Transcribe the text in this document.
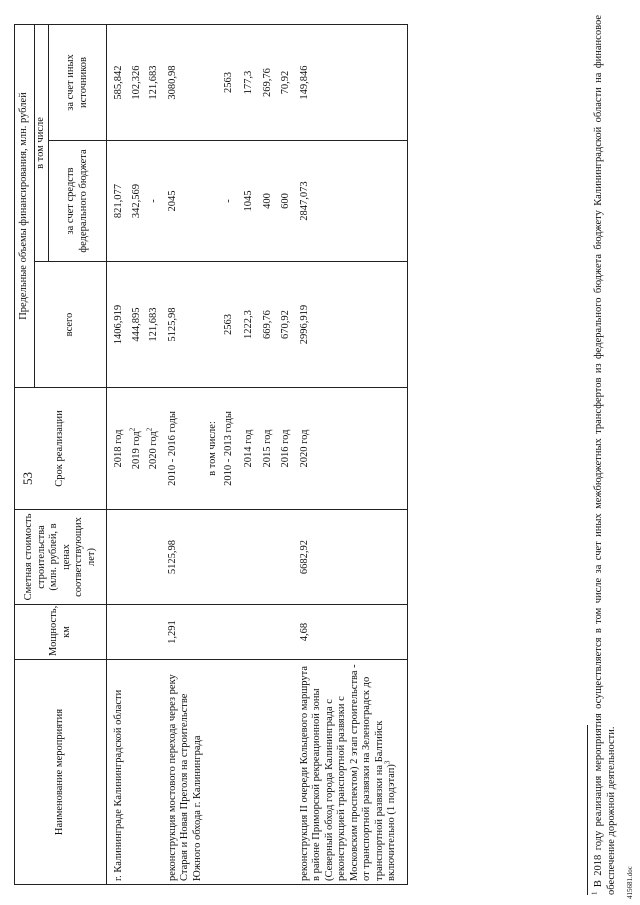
53
Наименование мероприятия	Мощность, км	Сметная стоимость строительства (млн. рублей, в ценах соответствующих лет)	Срок реализации	Предельные объемы финансирования, млн. рублей		
				всего	в том числе	
					за счет средств федерального бюджета	за счет иных источников
г. Калининграде Калининградской области			2018 год	1406,919	821,077	585,842
			2019 год$^2$	444,895	342,569	102,326
			2020 год$^2$	121,683	-	121,683
реконструкция мостового перехода через реку Старая и Новая Преголя на строительстве Южного обхода г. Калининграда	1,291	5125,98	2010 - 2016 годы	5125,98	2045	3080,98
			в том числе:			
			2010 - 2013 годы	2563	-	2563
			2014 год	1222,3	1045	177,3
			2015 год	669,76	400	269,76
			2016 год	670,92	600	70,92
реконструкция II очереди Кольцевого маршрута в районе Приморской рекреационной зоны (Северный обход города Калининграда с реконструкцией транспортной развязки с Московским проспектом) 2 этап строительства - от транспортной развязки на Зеленоградск до транспортной развязки на Балтийск включительно (1 подэтап)$^3$	4,68	6682,92	2020 год	2996,919	2847,073	149,846
$^1$ В 2018 году реализация мероприятия осуществляется в том числе за счет иных межбюджетных трансфертов из федерального бюджета бюджету Калининградской области на финансовое обеспечение дорожной деятельности. 415681.doc
